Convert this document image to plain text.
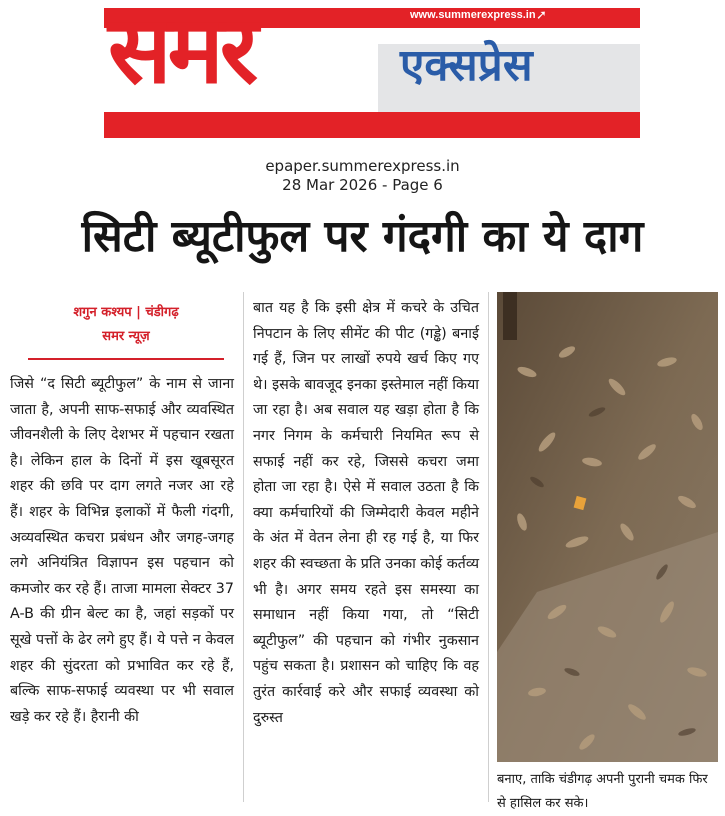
www.summerexpress.in ➚
समर	एक्सप्रेस
epaper.summerexpress.in
28 Mar 2026 - Page 6
सिटी ब्यूटीफुल पर गंदगी का ये दाग
शगुन कश्यप | चंडीगढ़
समर न्यूज़
जिसे “द सिटी ब्यूटीफुल” के नाम से जाना जाता है, अपनी साफ-सफाई और व्यवस्थित जीवनशैली के लिए देशभर में पहचान रखता है। लेकिन हाल के दिनों में इस खूबसूरत शहर की छवि पर दाग लगते नजर आ रहे हैं। शहर के विभिन्न इलाकों में फैली गंदगी, अव्यवस्थित कचरा प्रबंधन और जगह-जगह लगे अनियंत्रित विज्ञापन इस पहचान को कमजोर कर रहे हैं। ताजा मामला सेक्टर 37 A-B की ग्रीन बेल्ट का है, जहां सड़कों पर सूखे पत्तों के ढेर लगे हुए हैं। ये पत्ते न केवल शहर की सुंदरता को प्रभावित कर रहे हैं, बल्कि साफ-सफाई व्यवस्था पर भी सवाल खड़े कर रहे हैं। हैरानी की
बात यह है कि इसी क्षेत्र में कचरे के उचित निपटान के लिए सीमेंट की पीट (गड्ढे) बनाई गई हैं, जिन पर लाखों रुपये खर्च किए गए थे। इसके बावजूद इनका इस्तेमाल नहीं किया जा रहा है। अब सवाल यह खड़ा होता है कि नगर निगम के कर्मचारी नियमित रूप से सफाई नहीं कर रहे, जिससे कचरा जमा होता जा रहा है। ऐसे में सवाल उठता है कि क्या कर्मचारियों की जिम्मेदारी केवल महीने के अंत में वेतन लेना ही रह गई है, या फिर शहर की स्वच्छता के प्रति उनका कोई कर्तव्य भी है। अगर समय रहते इस समस्या का समाधान नहीं किया गया, तो “सिटी ब्यूटीफुल” की पहचान को गंभीर नुकसान पहुंच सकता है। प्रशासन को चाहिए कि वह तुरंत कार्रवाई करे और सफाई व्यवस्था को दुरुस्त
बनाए, ताकि चंडीगढ़ अपनी पुरानी चमक फिर से हासिल कर सके।
